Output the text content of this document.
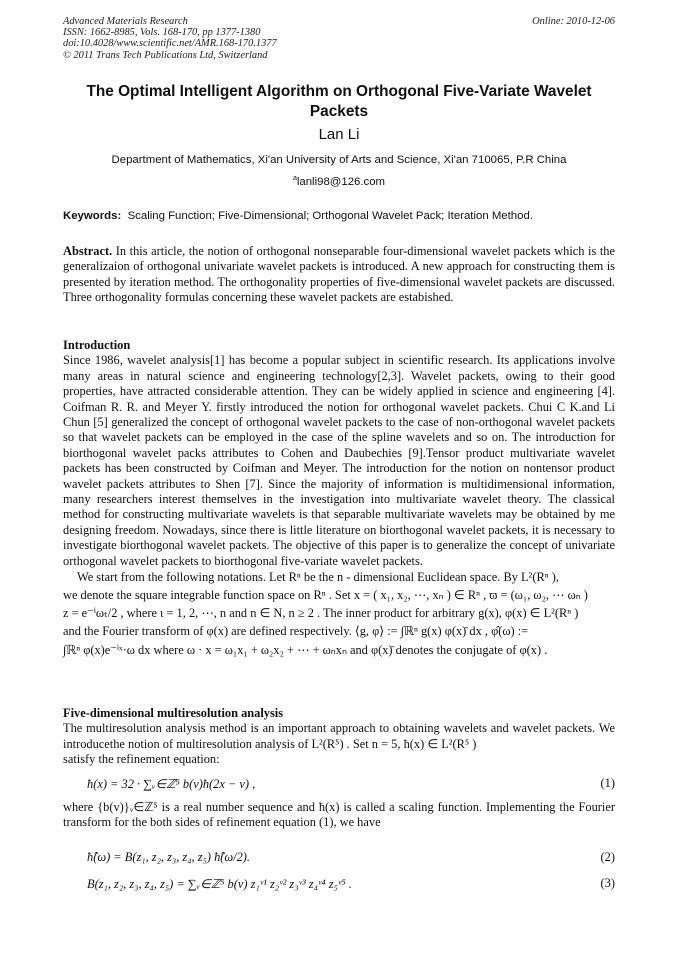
Advanced Materials Research
ISSN: 1662-8985, Vols. 168-170, pp 1377-1380
doi:10.4028/www.scientific.net/AMR.168-170.1377
© 2011 Trans Tech Publications Ltd, Switzerland
Online: 2010-12-06
The Optimal Intelligent Algorithm on Orthogonal Five-Variate Wavelet Packets
Lan Li
Department of Mathematics, Xi'an University of Arts and Science, Xi'an 710065, P.R China
$^a$lanli98@126.com
Keywords: Scaling Function; Five-Dimensional; Orthogonal Wavelet Pack; Iteration Method.
Abstract. In this article, the notion of orthogonal nonseparable four-dimensional wavelet packets which is the generalizaion of orthogonal univariate wavelet packets is introduced. A new approach for constructing them is presented by iteration method. The orthogonality properties of five-dimensional wavelet packets are discussed. Three orthogonality formulas concerning these wavelet packets are estabished.
Introduction
Since 1986, wavelet analysis[1] has become a popular subject in scientific research. Its applications involve many areas in natural science and engineering technology[2,3]. Wavelet packets, owing to their good properties, have attracted considerable attention. They can be widely applied in science and engineering [4]. Coifman R. R. and Meyer Y. firstly introduced the notion for orthogonal wavelet packets. Chui C K.and Li Chun [5] generalized the concept of orthogonal wavelet packets to the case of non-orthogonal wavelet packets so that wavelet packets can be employed in the case of the spline wavelets and so on. The introduction for biorthogonal wavelet packs attributes to Cohen and Daubechies [9].Tensor product multivariate wavelet packets has been constructed by Coifman and Meyer. The introduction for the notion on nontensor product wavelet packets attributes to Shen [7]. Since the majority of information is multidimensional information, many researchers interest themselves in the investigation into multivariate wavelet theory. The classical method for constructing multivariate wavelets is that separable multivariate wavelets may be obtained by me designing freedom. Nowadays, since there is little literature on biorthogonal wavelet packets, it is necessary to investigate biorthogonal wavelet packets. The objective of this paper is to generalize the concept of univariate orthogonal wavelet packets to biorthogonal five-variate wavelet packets.
We start from the following notations. Let Rⁿ be the n - dimensional Euclidean space. By L²(Rⁿ ),
we denote the square integrable function space on Rⁿ . Set x = ( x₁, x₂, ⋯, xₙ ) ∈ Rⁿ , ϖ = (ω₁, ω₂, ⋯ ωₙ )
z = e⁻ⁱωₜ/2 , where ι = 1, 2, ⋯, n and n ∈ N, n ≥ 2 . The inner product for arbitrary g(x), φ(x) ∈ L²(Rⁿ )
and the Fourier transform of φ(x) are defined respectively. ⟨g, φ⟩ := ∫ℝⁿ g(x) φ(x)̄ dx , φ̂(ω) :=
∫ℝⁿ φ(x)e⁻ⁱˣ·ω dx where ω · x = ω₁x₁ + ω₂x₂ + ⋯ + ωₙxₙ and φ(x)̄ denotes the conjugate of φ(x) .
Five-dimensional multiresolution analysis
The multiresolution analysis method is an important approach to obtaining wavelets and wavelet packets. We introducethe notion of multiresolution analysis of L²(R⁵) . Set n = 5, ħ(x) ∈ L²(R⁵ )
satisfy the refinement equation:
ħ(x) = 32 · ∑ᵥ∈ℤ⁵ b(v)ħ(2x − v) ,	(1)
where {b(v)}ᵥ∈ℤ⁵ is a real number sequence and ħ(x) is called a scaling function. Implementing the Fourier transform for the both sides of refinement equation (1), we have
ħ̂(ω) = B(z₁, z₂, z₃, z₄, z₅) ħ̂(ω/2).	(2)
B(z₁, z₂, z₃, z₄, z₅) = ∑ᵥ∈ℤ⁵ b(v) z₁ᵛ¹ z₂ᵛ² z₃ᵛ³ z₄ᵛ⁴ z₅ᵛ⁵ .	(3)
